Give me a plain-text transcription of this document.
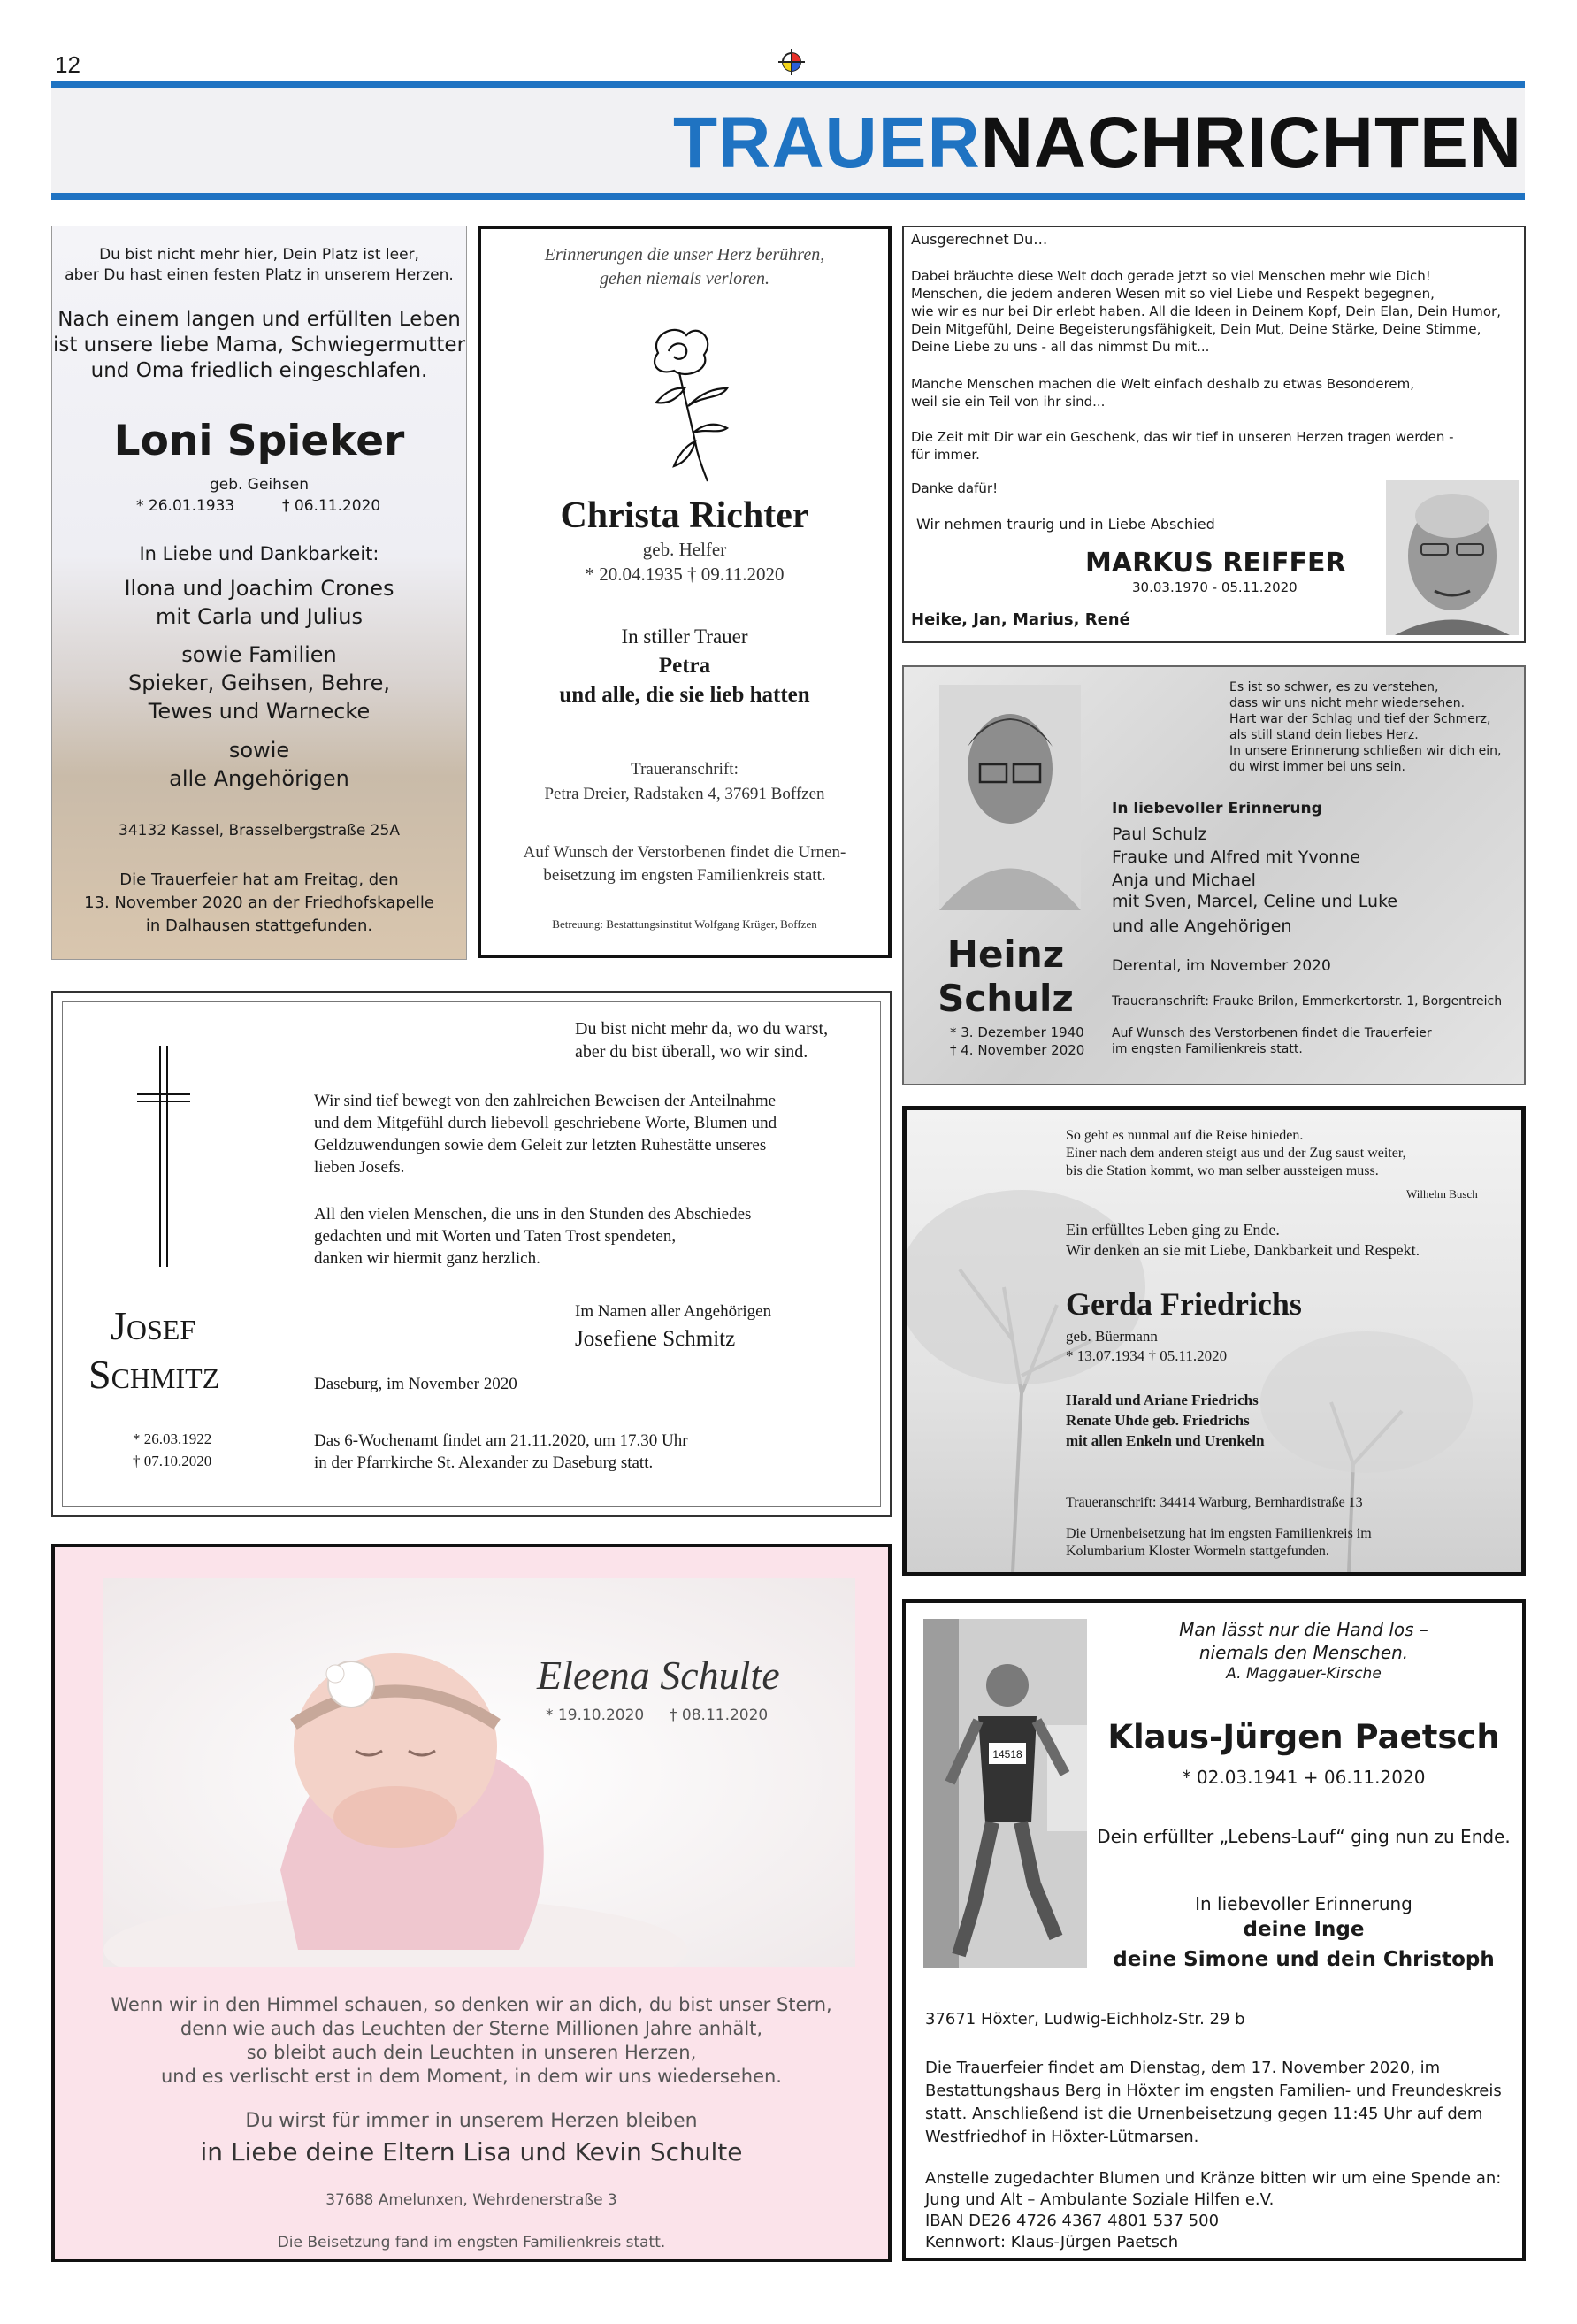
12
TRAUERNACHRICHTEN
Du bist nicht mehr hier, Dein Platz ist leer,
aber Du hast einen festen Platz in unserem Herzen.
Nach einem langen und erfüllten Leben
ist unsere liebe Mama, Schwiegermutter
und Oma friedlich eingeschlafen.
Loni Spieker
geb. Geihsen
* 26.01.1933	† 06.11.2020
In Liebe und Dankbarkeit:
Ilona und Joachim Crones
mit Carla und Julius
sowie Familien
Spieker, Geihsen, Behre,
Tewes und Warnecke
sowie
alle Angehörigen
34132 Kassel, Brasselbergstraße 25A
Die Trauerfeier hat am Freitag, den
13. November 2020 an der Friedhofskapelle
in Dalhausen stattgefunden.
Erinnerungen die unser Herz berühren,
gehen niemals verloren.
Christa Richter
geb. Helfer
* 20.04.1935 † 09.11.2020
In stiller Trauer
Petra
und alle, die sie lieb hatten
Traueranschrift:
Petra Dreier, Radstaken 4, 37691 Boffzen
Auf Wunsch der Verstorbenen findet die Urnen-
beisetzung im engsten Familienkreis statt.
Betreuung: Bestattungsinstitut Wolfgang Krüger, Boffzen
Ausgerechnet Du…
Dabei bräuchte diese Welt doch gerade jetzt so viel Menschen mehr wie Dich!
Menschen, die jedem anderen Wesen mit so viel Liebe und Respekt begegnen,
wie wir es nur bei Dir erlebt haben. All die Ideen in Deinem Kopf, Dein Elan, Dein Humor,
Dein Mitgefühl, Deine Begeisterungsfähigkeit, Dein Mut, Deine Stärke, Deine Stimme,
Deine Liebe zu uns - all das nimmst Du mit...
Manche Menschen machen die Welt einfach deshalb zu etwas Besonderem,
weil sie ein Teil von ihr sind...
Die Zeit mit Dir war ein Geschenk, das wir tief in unseren Herzen tragen werden -
für immer.
Danke dafür!
Wir nehmen traurig und in Liebe Abschied
MARKUS REIFFER
30.03.1970 - 05.11.2020
Heike, Jan, Marius, René
Es ist so schwer, es zu verstehen,
dass wir uns nicht mehr wiedersehen.
Hart war der Schlag und tief der Schmerz,
als still stand dein liebes Herz.
In unsere Erinnerung schließen wir dich ein,
du wirst immer bei uns sein.
In liebevoller Erinnerung
Paul Schulz
Frauke und Alfred mit Yvonne
Anja und Michael
mit Sven, Marcel, Celine und Luke
und alle Angehörigen
Derental, im November 2020
Traueranschrift: Frauke Brilon, Emmerkertorstr. 1, Borgentreich
Auf Wunsch des Verstorbenen findet die Trauerfeier
im engsten Familienkreis statt.
Heinz
Schulz
* 3. Dezember 1940
† 4. November 2020
Du bist nicht mehr da, wo du warst,
aber du bist überall, wo wir sind.
Wir sind tief bewegt von den zahlreichen Beweisen der Anteilnahme
und dem Mitgefühl durch liebevoll geschriebene Worte, Blumen und
Geldzuwendungen sowie dem Geleit zur letzten Ruhestätte unseres
lieben Josefs.
All den vielen Menschen, die uns in den Stunden des Abschiedes
gedachten und mit Worten und Taten Trost spendeten,
danken wir hiermit ganz herzlich.
Im Namen aller Angehörigen
Josefiene Schmitz
Josef
Schmitz
* 26.03.1922
† 07.10.2020
Daseburg, im November 2020
Das 6-Wochenamt findet am 21.11.2020, um 17.30 Uhr
in der Pfarrkirche St. Alexander zu Daseburg statt.
So geht es nunmal auf die Reise hinieden.
Einer nach dem anderen steigt aus und der Zug saust weiter,
bis die Station kommt, wo man selber aussteigen muss.
Wilhelm Busch
Ein erfülltes Leben ging zu Ende.
Wir denken an sie mit Liebe, Dankbarkeit und Respekt.
Gerda Friedrichs
geb. Büermann
* 13.07.1934 † 05.11.2020
Harald und Ariane Friedrichs
Renate Uhde geb. Friedrichs
mit allen Enkeln und Urenkeln
Traueranschrift: 34414 Warburg, Bernhardistraße 13
Die Urnenbeisetzung hat im engsten Familienkreis im
Kolumbarium Kloster Wormeln stattgefunden.
Eleena Schulte
* 19.10.2020 † 08.11.2020
Wenn wir in den Himmel schauen, so denken wir an dich, du bist unser Stern,
denn wie auch das Leuchten der Sterne Millionen Jahre anhält,
so bleibt auch dein Leuchten in unseren Herzen,
und es verlischt erst in dem Moment, in dem wir uns wiedersehen.
Du wirst für immer in unserem Herzen bleiben
in Liebe deine Eltern Lisa und Kevin Schulte
37688 Amelunxen, Wehrdenerstraße 3
Die Beisetzung fand im engsten Familienkreis statt.
14518
Man lässt nur die Hand los –
niemals den Menschen.
A. Maggauer-Kirsche
Klaus-Jürgen Paetsch
* 02.03.1941 + 06.11.2020
Dein erfüllter „Lebens-Lauf“ ging nun zu Ende.
In liebevoller Erinnerung
deine Inge
deine Simone und dein Christoph
37671 Höxter, Ludwig-Eichholz-Str. 29 b
Die Trauerfeier findet am Dienstag, dem 17. November 2020, im
Bestattungshaus Berg in Höxter im engsten Familien- und Freundeskreis
statt. Anschließend ist die Urnenbeisetzung gegen 11:45 Uhr auf dem
Westfriedhof in Höxter-Lütmarsen.
Anstelle zugedachter Blumen und Kränze bitten wir um eine Spende an:
Jung und Alt – Ambulante Soziale Hilfen e.V.
IBAN DE26 4726 4367 4801 537 500
Kennwort: Klaus-Jürgen Paetsch
